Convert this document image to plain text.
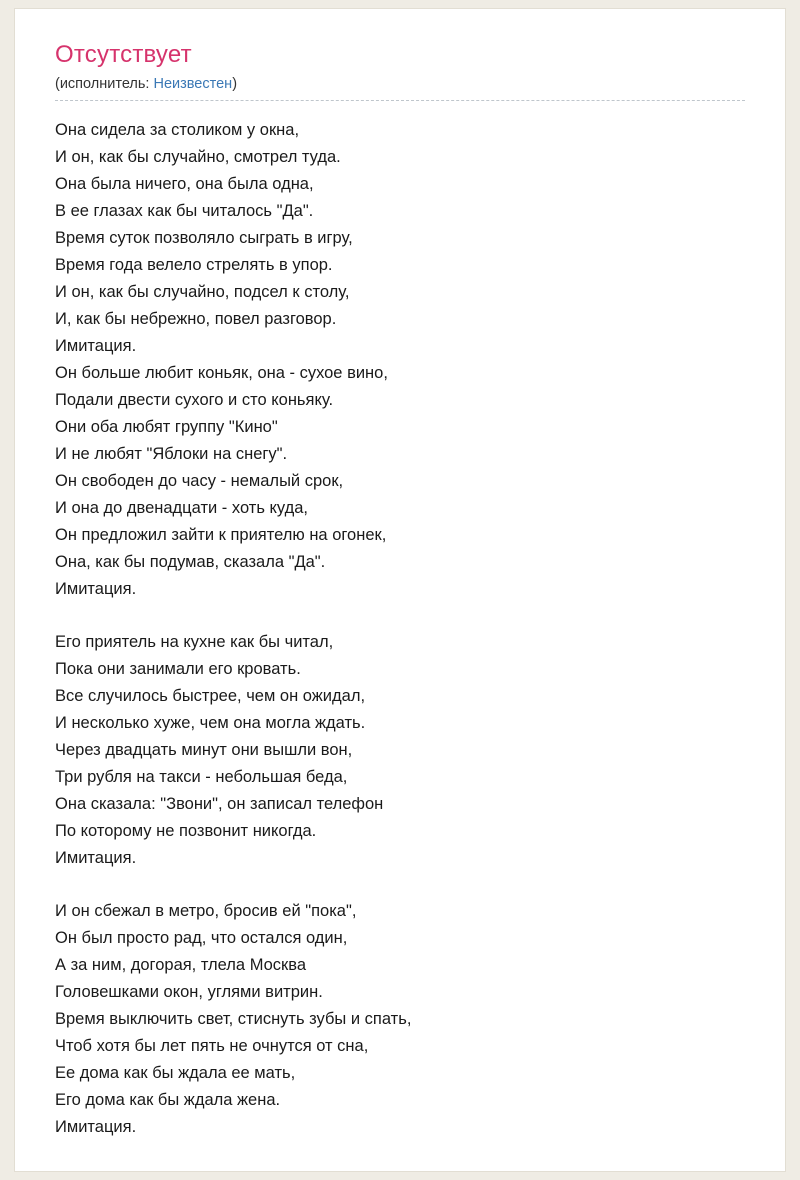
Отсутствует
(исполнитель: Неизвестен)
Она сидела за столиком у окна,
И он, как бы случайно, смотрел туда.
Она была ничего, она была одна,
В ее глазах как бы читалось "Да".
Время суток позволяло сыграть в игру,
Время года велело стрелять в упор.
И он, как бы случайно, подсел к столу,
И, как бы небрежно, повел разговор.
Имитация.
Он больше любит коньяк, она - сухое вино,
Подали двести сухого и сто коньяку.
Они оба любят группу "Кино"
И не любят "Яблоки на снегу".
Он свободен до часу - немалый срок,
И она до двенадцати - хоть куда,
Он предложил зайти к приятелю на огонек,
Она, как бы подумав, сказала "Да".
Имитация.
Его приятель на кухне как бы читал,
Пока они занимали его кровать.
Все случилось быстрее, чем он ожидал,
И несколько хуже, чем она могла ждать.
Через двадцать минут они вышли вон,
Три рубля на такси - небольшая беда,
Она сказала: "Звони", он записал телефон
По которому не позвонит никогда.
Имитация.
И он сбежал в метро, бросив ей "пока",
Он был просто рад, что остался один,
А за ним, догорая, тлела Москва
Головешками окон, углями витрин.
Время выключить свет, стиснуть зубы и спать,
Чтоб хотя бы лет пять не очнутся от сна,
Ее дома как бы ждала ее мать,
Его дома как бы ждала жена.
Имитация.
